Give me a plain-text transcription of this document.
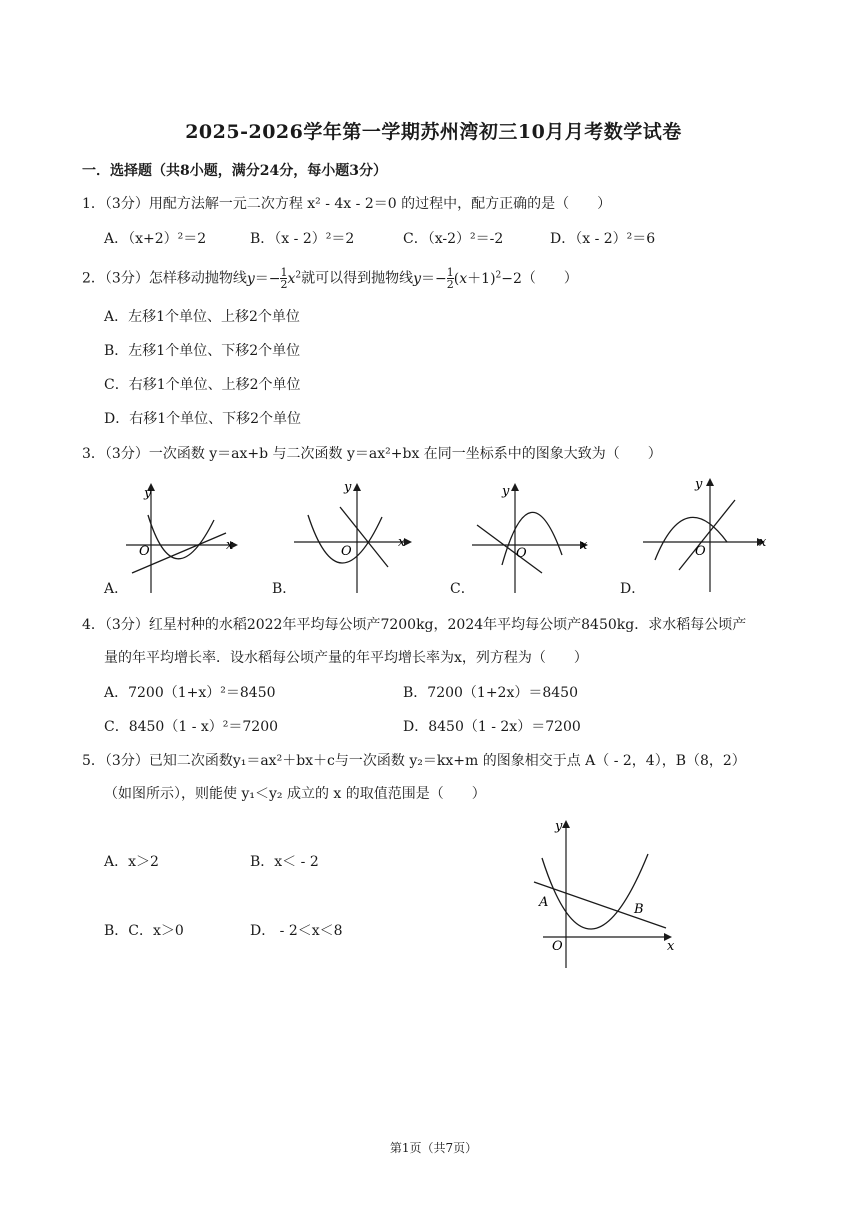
2025-2026学年第一学期苏州湾初三10月月考数学试卷
一．选择题（共8小题，满分24分，每小题3分）
1．（3分）用配方法解一元二次方程 x² - 4x - 2＝0 的过程中，配方正确的是（　　）
A．（x+2）²＝2	B．（x - 2）²＝2	C．（x-2）²＝-2	D．（x - 2）²＝6
2．（3分）怎样移动抛物线$y=- \frac{1}{2} x^2$就可以得到抛物线$y=- \frac{1}{2} (x+1)^2-2$（　　）
A．左移1个单位、上移2个单位
B．左移1个单位、下移2个单位
C．右移1个单位、上移2个单位
D．右移1个单位、下移2个单位
3．（3分）一次函数 y＝ax+b 与二次函数 y＝ax²+bx 在同一坐标系中的图象大致为（　　）
y
x
O
A．
y
x
O
B．
y
x
O
C．
y
x
O
D．
4．（3分）红星村种的水稻2022年平均每公顷产7200kg，2024年平均每公顷产8450kg．求水稻每公顷产
量的年平均增长率．设水稻每公顷产量的年平均增长率为x，列方程为（　　）
A．7200（1+x）²＝8450	B．7200（1+2x）＝8450
C．8450（1 - x）²＝7200	D．8450（1 - 2x）＝7200
5．（3分）已知二次函数y₁＝ax²＋bx＋c与一次函数 y₂＝kx+m 的图象相交于点 A（ - 2，4），B（8，2）
（如图所示），则能使 y₁＜y₂ 成立的 x 的取值范围是（　　）
A．x＞2	B．x＜ - 2
B．C．x＞0	D． - 2＜x＜8
y
x
O
A	B
第1页（共7页）
